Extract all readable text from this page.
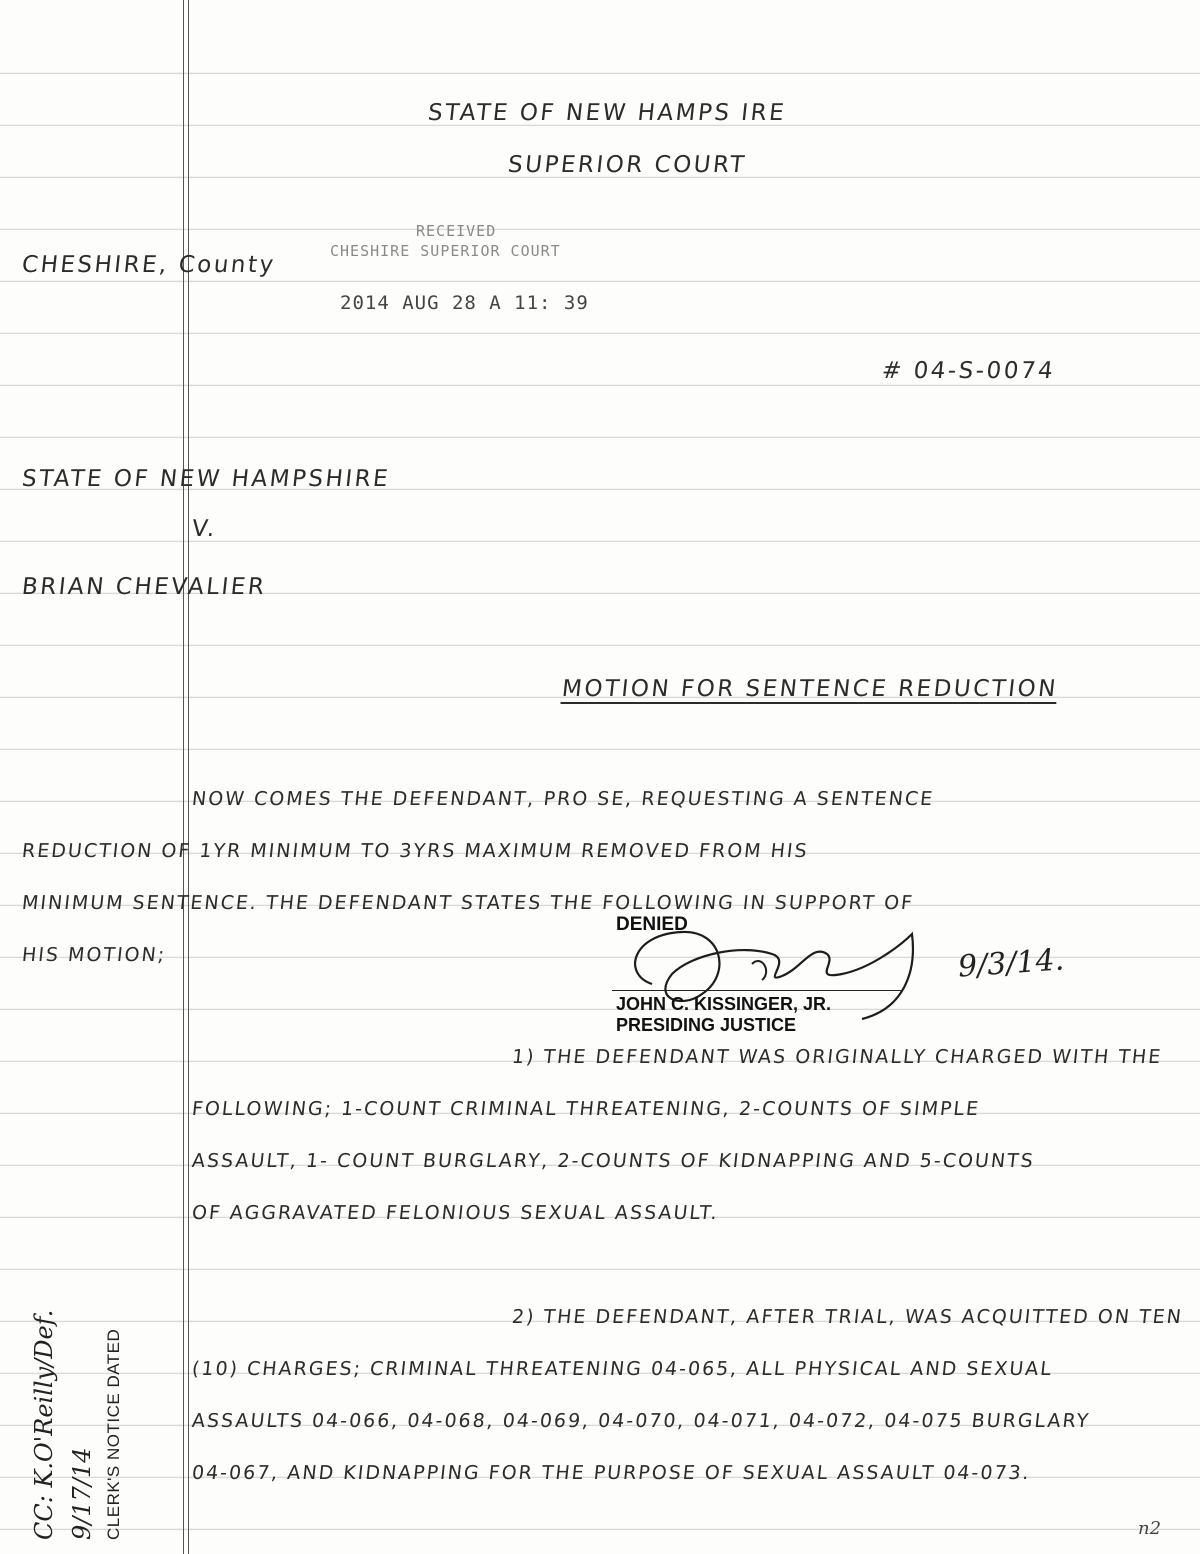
STATE OF NEW HAMPS IRE
SUPERIOR COURT
RECEIVED
CHESHIRE SUPERIOR COURT
CHESHIRE, County
2014 AUG 28 A 11: 39
# 04-S-0074
STATE OF NEW HAMPSHIRE
V.
BRIAN CHEVALIER
MOTION FOR SENTENCE REDUCTION
NOW COMES THE DEFENDANT, PRO SE, REQUESTING A SENTENCE
REDUCTION OF 1YR MINIMUM TO 3YRS MAXIMUM REMOVED FROM HIS
MINIMUM SENTENCE. THE DEFENDANT STATES THE FOLLOWING IN SUPPORT OF
HIS MOTION;
DENIED
JOHN C. KISSINGER, JR.
PRESIDING JUSTICE
9/3/14.
1) THE DEFENDANT WAS ORIGINALLY CHARGED WITH THE
FOLLOWING; 1-COUNT CRIMINAL THREATENING, 2-COUNTS OF SIMPLE
ASSAULT, 1- COUNT BURGLARY, 2-COUNTS OF KIDNAPPING AND 5-COUNTS
OF AGGRAVATED FELONIOUS SEXUAL ASSAULT.
2) THE DEFENDANT, AFTER TRIAL, WAS ACQUITTED ON TEN
(10) CHARGES; CRIMINAL THREATENING 04-065, ALL PHYSICAL AND SEXUAL
ASSAULTS 04-066, 04-068, 04-069, 04-070, 04-071, 04-072, 04-075 BURGLARY
04-067, AND KIDNAPPING FOR THE PURPOSE OF SEXUAL ASSAULT 04-073.
CLERK'S NOTICE DATED
9/17/14
CC: K.O'Reilly/Def.	n2
